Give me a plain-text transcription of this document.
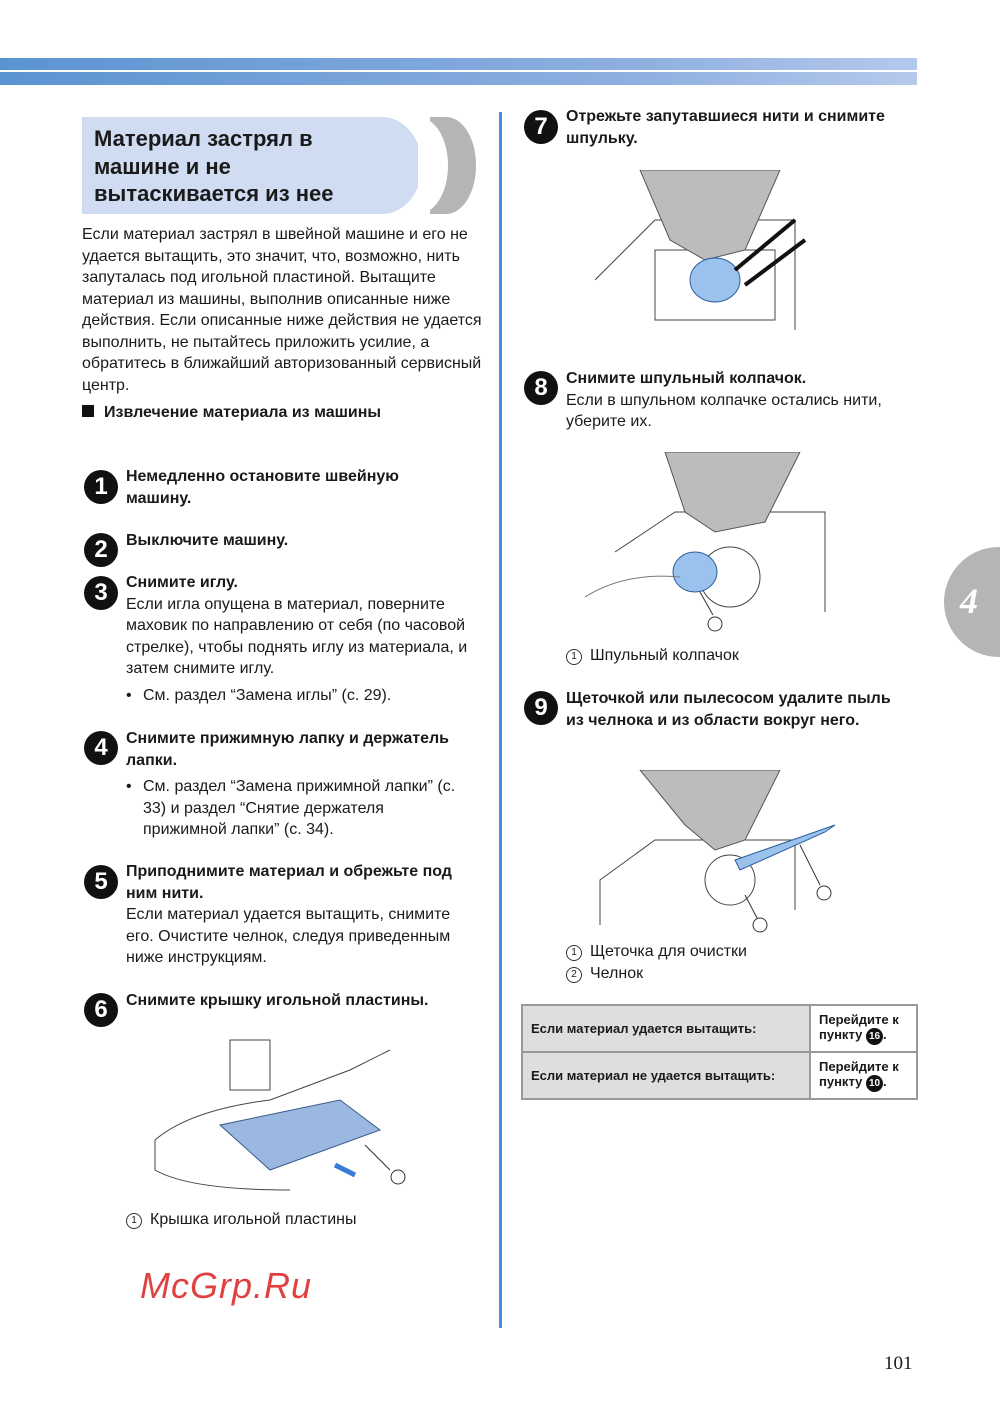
Материал застрял в
машине и не
вытаскивается из нее
Если материал застрял в швейной машине и его не удается вытащить, это значит, что, возможно, нить запуталась под игольной пластиной. Вытащите материал из машины, выполнив описанные ниже действия. Если описанные ниже действия не удается выполнить, не пытайтесь приложить усилие, а обратитесь в ближайший авторизованный сервисный центр.
Извлечение материала из машины
1	Немедленно остановите швейную машину.
2	Выключите машину.
3	Снимите иглу.
Если игла опущена в материал, поверните маховик по направлению от себя (по часовой стрелке), чтобы поднять иглу из материала, и затем снимите иглу.
• См. раздел “Замена иглы” (с. 29).
4	Снимите прижимную лапку и держатель лапки.
• См. раздел “Замена прижимной лапки” (с. 33) и раздел “Снятие держателя прижимной лапки” (с. 34).
5	Приподнимите материал и обрежьте под ним нити.
Если материал удается вытащить, снимите его. Очистите челнок, следуя приведенным ниже инструкциям.
6	Снимите крышку игольной пластины.
1 Крышка игольной пластины
7	Отрежьте запутавшиеся нити и снимите шпульку.
8	Снимите шпульный колпачок.
Если в шпульном колпачке остались нити, уберите их.
1 Шпульный колпачок
9	Щеточкой или пылесосом удалите пыль из челнока и из области вокруг него.
1 Щеточка для очистки
2 Челнок
Если материал удается вытащить:	Перейдите к пункту 16 .
Если материал не удается вытащить:	Перейдите к пункту 10 .
4
101
McGrp.Ru
